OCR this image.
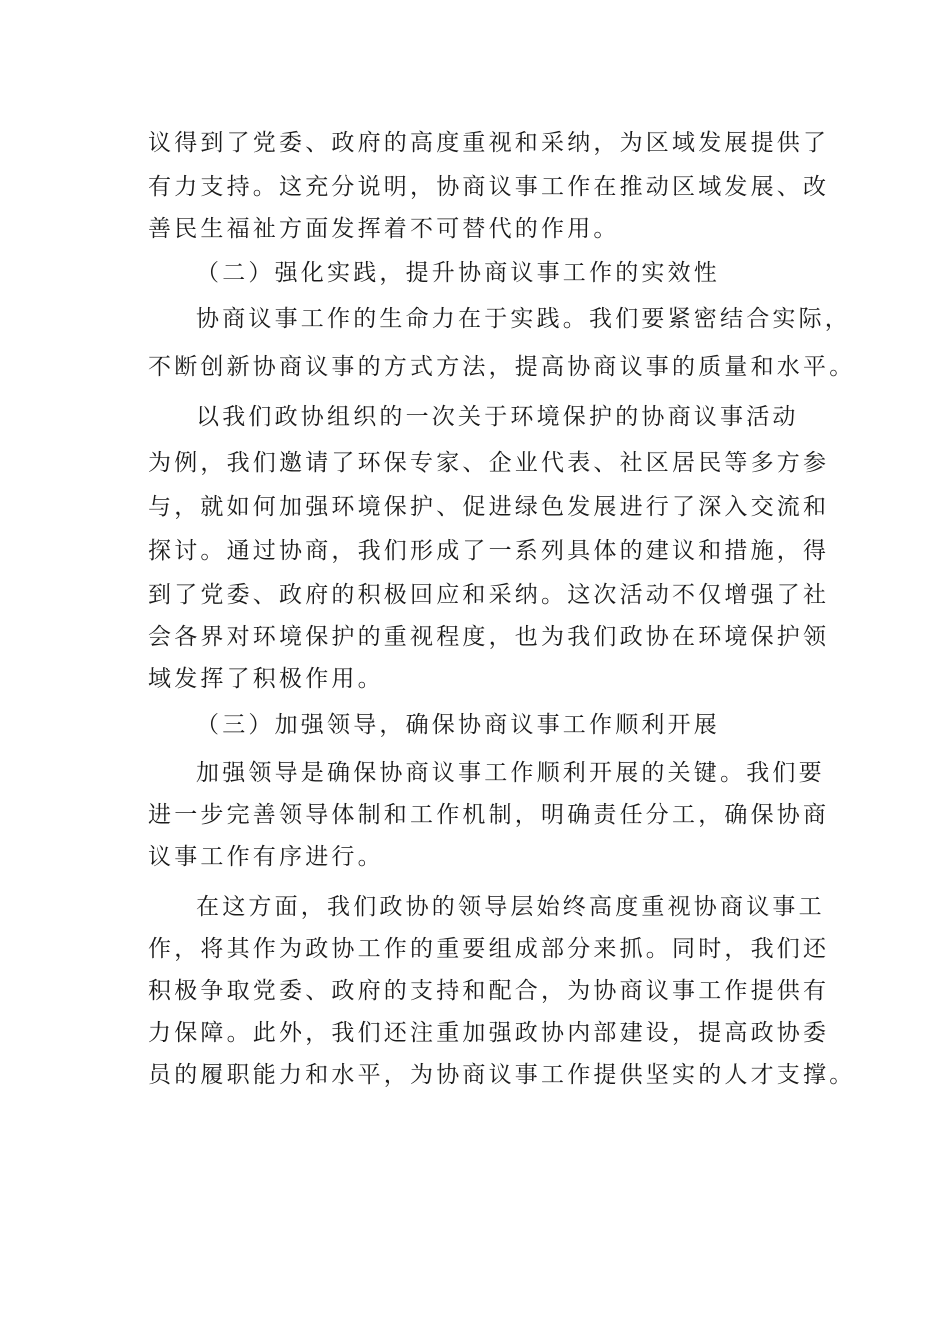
议得到了党委、政府的高度重视和采纳，为区域发展提供了
有力支持。这充分说明，协商议事工作在推动区域发展、改
善民生福祉方面发挥着不可替代的作用。
（二）强化实践，提升协商议事工作的实效性
协商议事工作的生命力在于实践。我们要紧密结合实际，
不断创新协商议事的方式方法，提高协商议事的质量和水平。
以我们政协组织的一次关于环境保护的协商议事活动
为例，我们邀请了环保专家、企业代表、社区居民等多方参
与，就如何加强环境保护、促进绿色发展进行了深入交流和
探讨。通过协商，我们形成了一系列具体的建议和措施，得
到了党委、政府的积极回应和采纳。这次活动不仅增强了社
会各界对环境保护的重视程度，也为我们政协在环境保护领
域发挥了积极作用。
（三）加强领导，确保协商议事工作顺利开展
加强领导是确保协商议事工作顺利开展的关键。我们要
进一步完善领导体制和工作机制，明确责任分工，确保协商
议事工作有序进行。
在这方面，我们政协的领导层始终高度重视协商议事工
作，将其作为政协工作的重要组成部分来抓。同时，我们还
积极争取党委、政府的支持和配合，为协商议事工作提供有
力保障。此外，我们还注重加强政协内部建设，提高政协委
员的履职能力和水平，为协商议事工作提供坚实的人才支撑。
